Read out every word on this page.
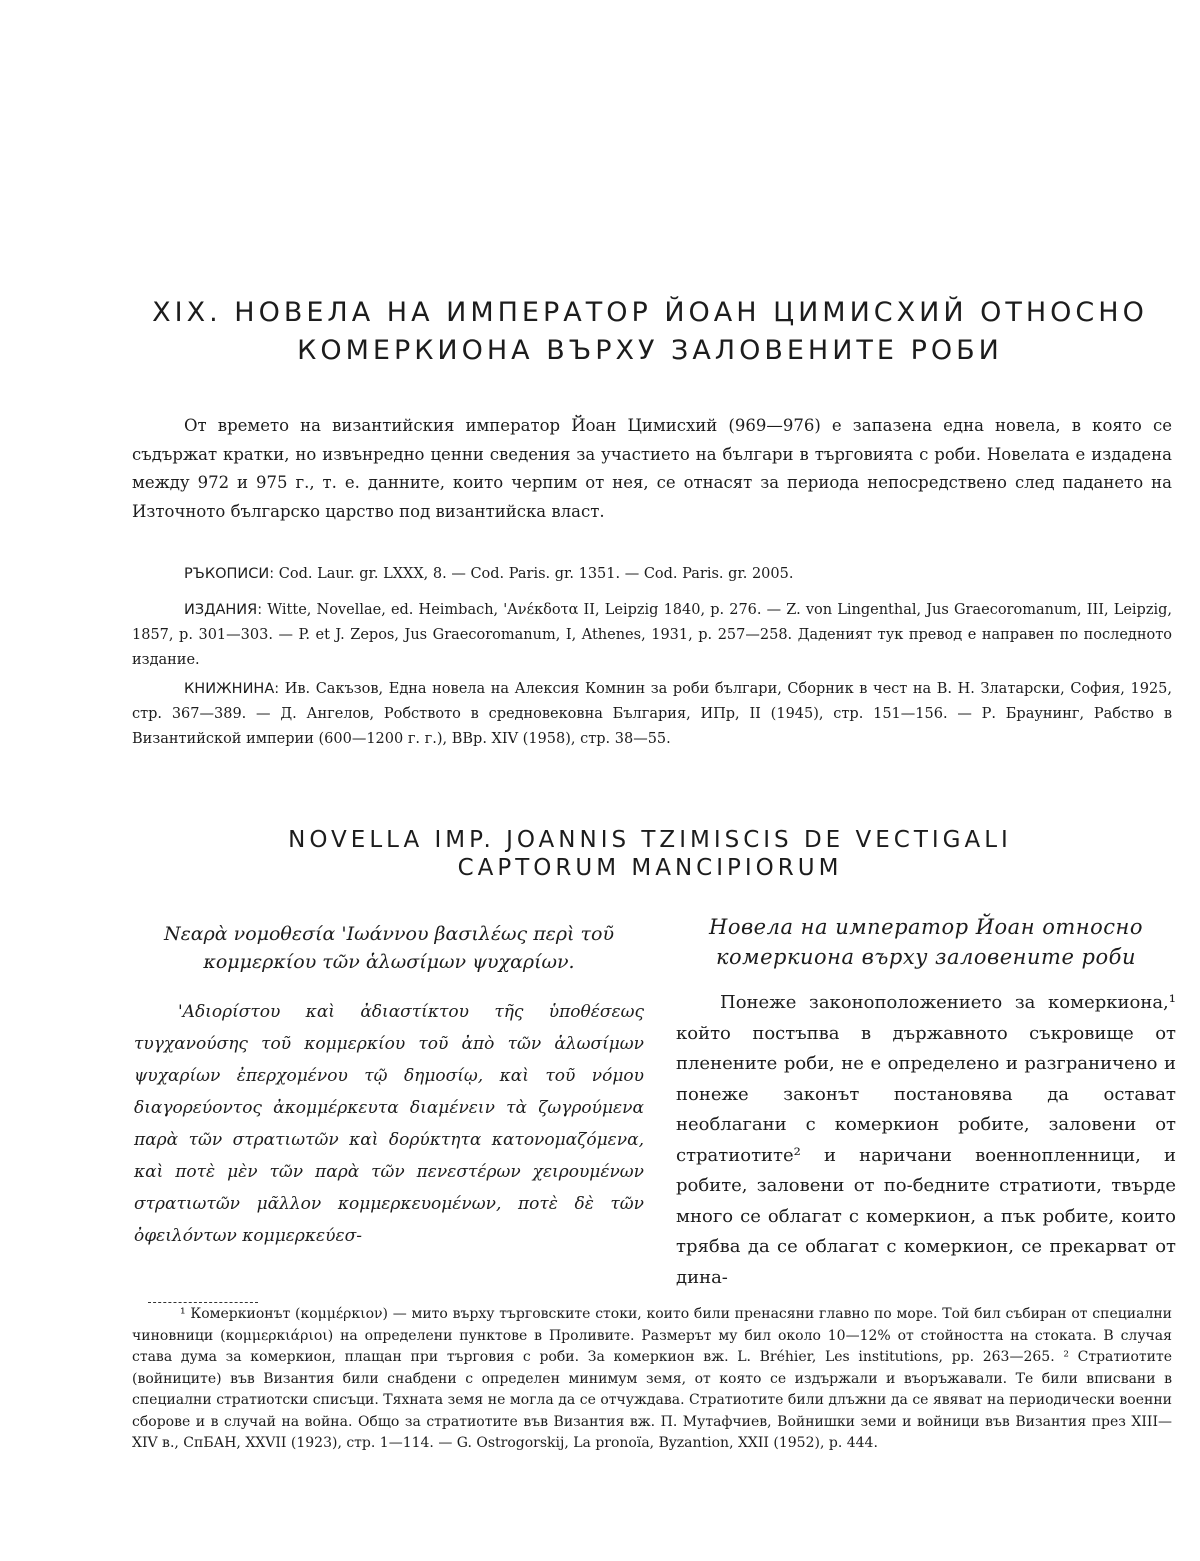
XIX. НОВЕЛА НА ИМПЕРАТОР ЙОАН ЦИМИСХИЙ ОТНОСНО
КОМЕРКИОНА ВЪРХУ ЗАЛОВЕНИТЕ РОБИ

От времето на византийския император Йоан Цимисхий (969—976) е запазена една новела, в която се съдържат кратки, но извънредно ценни сведения за участието на българи в търговията с роби. Новелата е издадена между 972 и 975 г., т. е. данните, които черпим от нея, се отнасят за периода непосредствено след падането на Източното българско царство под византийска власт.

РЪКОПИСИ: Cod. Laur. gr. LXXX, 8. — Cod. Paris. gr. 1351. — Cod. Paris. gr. 2005.

ИЗДАНИЯ: Witte, Novellae, ed. Heimbach, 'Ανέκδοτα II, Leipzig 1840, p. 276. — Z. von Lingenthal, Jus Graecoromanum, III, Leipzig, 1857, p. 301—303. — P. et J. Zepos, Jus Graecoromanum, I, Athenes, 1931, p. 257—258. Даденият тук превод е направен по последното издание.

КНИЖНИНА: Ив. Сакъзов, Една новела на Алексия Комнин за роби българи, Сборник в чест на В. Н. Златарски, София, 1925, стр. 367—389. — Д. Ангелов, Робството в средновековна България, ИПр, II (1945), стр. 151—156. — Р. Браунинг, Рабство в Византийской империи (600—1200 г. г.), ВВр. XIV (1958), стр. 38—55.

NOVELLA IMP. JOANNIS TZIMISCIS DE VECTIGALI
CAPTORUM MANCIPIORUM
Νεαρὰ νομοθεσία 'Ιωάννου βασιλέως περὶ τοῦ κομμερκίου τῶν ἁλωσίμων ψυχαρίων.

'Αδιορίστου καὶ ἀδιαστίκτου τῆς ὑποθέσεως τυγχανούσης τοῦ κομμερκίου τοῦ ἀπὸ τῶν ἁλωσίμων ψυχαρίων ἐπερχομένου τῷ δημοσίῳ, καὶ τοῦ νόμου διαγορεύοντος ἀκομμέρκευτα διαμένειν τὰ ζωγρούμενα παρὰ τῶν στρατιωτῶν καὶ δορύκτητα κατονομαζόμενα, καὶ ποτὲ μὲν τῶν παρὰ τῶν πενεστέρων χειρουμένων στρατιωτῶν μᾶλλον κομμερκευομένων, ποτὲ δὲ τῶν ὀφειλόντων κομμερκεύεσ-

Новела на император Йоан относно комеркиона върху заловените роби

Понеже законоположението за комеркиона,¹ който постъпва в държавното съкровище от пленените роби, не е определено и разграничено и понеже законът постановява да остават необлагани с комеркион робите, заловени от стратиотите² и наричани военнопленници, и робите, заловени от по-бедните стратиоти, твърде много се облагат с комеркион, а пък робите, които трябва да се облагат с комеркион, се прекарват от дина-

¹ Комеркионът (κομμέρκιον) — мито върху търговските стоки, които били пренасяни главно по море. Той бил събиран от специални чиновници (κομμερκιάριοι) на определени пунктове в Проливите. Размерът му бил около 10—12% от стойността на стоката. В случая става дума за комеркион, плащан при търговия с роби. За комеркион вж. L. Bréhier, Les institutions, pp. 263—265. ² Стратиотите (войниците) във Византия били снабдени с определен минимум земя, от която се издържали и въоръжавали. Те били вписвани в специални стратиотски списъци. Тяхната земя не могла да се отчуждава. Стратиотите били длъжни да се явяват на периодически военни сборове и в случай на война. Общо за стратиотите във Византия вж. П. Мутафчиев, Войнишки земи и войници във Византия през XIII—XIV в., СпБАН, XXVII (1923), стр. 1—114. — G. Ostrogorskij, La pronoïa, Byzantion, XXII (1952), p. 444.
